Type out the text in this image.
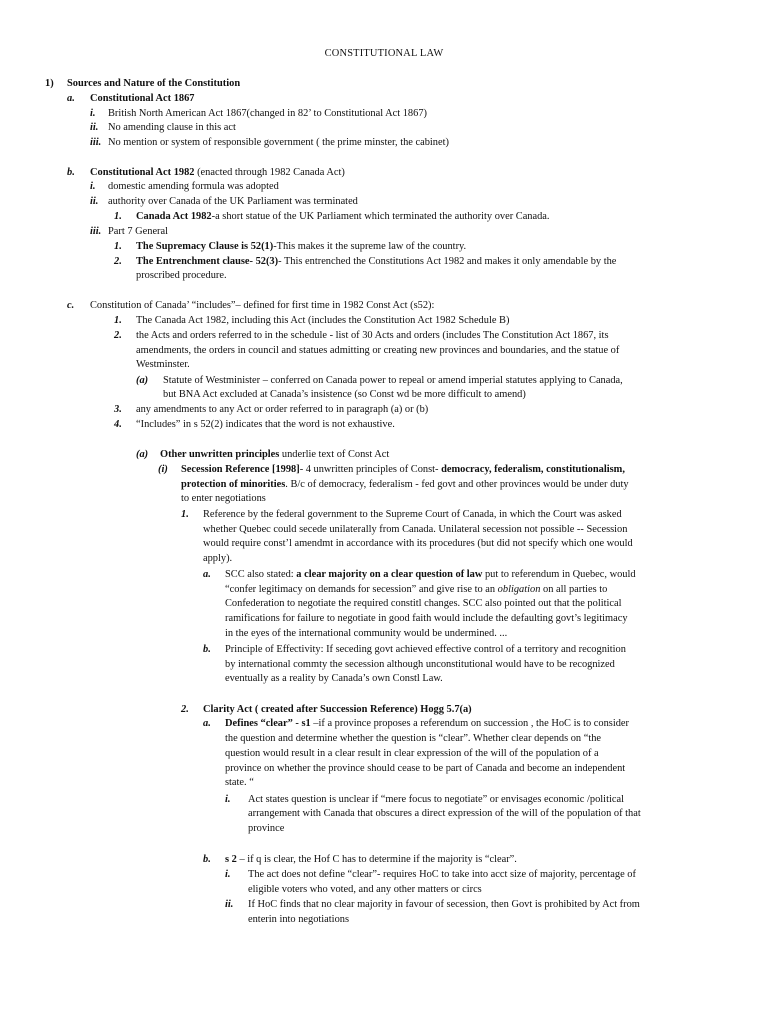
CONSTITUTIONAL LAW
1) Sources and Nature of the Constitution
a. Constitutional Act 1867
i. British North American Act 1867(changed in 82’ to Constitutional Act 1867)
ii. No amending clause in this act
iii. No mention or system of responsible government ( the prime minster, the cabinet)
b. Constitutional Act 1982 (enacted through 1982 Canada Act)
i. domestic amending formula was adopted
ii. authority over Canada of the UK Parliament was terminated
1. Canada Act 1982-a short statue of the UK Parliament which terminated the authority over Canada.
iii. Part 7 General
1. The Supremacy Clause is 52(1)-This makes it the supreme law of the country.
2. The Entrenchment clause- 52(3)- This entrenched the Constitutions Act 1982 and makes it only amendable by the
proscribed procedure.
c. Constitution of Canada’ “includes”– defined for first time in 1982 Const Act (s52):
1. The Canada Act 1982, including this Act (includes the Constitution Act 1982 Schedule B)
2. the Acts and orders referred to in the schedule - list of 30 Acts and orders (includes The Constitution Act 1867, its
amendments, the orders in council and statues admitting or creating new provinces and boundaries, and the statue of
Westminster.
(a) Statute of Westminister – conferred on Canada power to repeal or amend imperial statutes applying to Canada,
but BNA Act excluded at Canada’s insistence (so Const wd be more difficult to amend)
3. any amendments to any Act or order referred to in paragraph (a) or (b)
4. “Includes” in s 52(2) indicates that the word is not exhaustive.
(a) Other unwritten principles underlie text of Const Act
(i) Secession Reference [1998]- 4 unwritten principles of Const- democracy, federalism, constitutionalism,
protection of minorities. B/c of democracy, federalism - fed govt and other provinces would be under duty
to enter negotiations
1. Reference by the federal government to the Supreme Court of Canada, in which the Court was asked
whether Quebec could secede unilaterally from Canada. Unilateral secession not possible -- Secession
would require const’l amendmt in accordance with its procedures (but did not specify which one would
apply).
a. SCC also stated: a clear majority on a clear question of law put to referendum in Quebec, would
“confer legitimacy on demands for secession” and give rise to an obligation on all parties to
Confederation to negotiate the required constitl changes. SCC also pointed out that the political
ramifications for failure to negotiate in good faith would include the defaulting govt’s legitimacy
in the eyes of the international community would be undermined. ...
b. Principle of Effectivity: If seceding govt achieved effective control of a territory and recognition
by international commty the secession although unconstitutional would have to be recognized
eventually as a reality by Canada’s own Constl Law.
2. Clarity Act ( created after Succession Reference) Hogg 5.7(a)
a. Defines “clear” - s1 –if a province proposes a referendum on succession , the HoC is to consider
the question and determine whether the question is “clear”. Whether clear depends on “the
question would result in a clear result in clear expression of the will of the population of a
province on whether the province should cease to be part of Canada and become an independent
state. “
i. Act states question is unclear if “mere focus to negotiate” or envisages economic /political
arrangement with Canada that obscures a direct expression of the will of the population of that
province
b. s 2 – if q is clear, the Hof C has to determine if the majority is “clear”.
i. The act does not define “clear”- requires HoC to take into acct size of majority, percentage of
eligible voters who voted, and any other matters or circs
ii. If HoC finds that no clear majority in favour of secession, then Govt is prohibited by Act from
enterin into negotiations
